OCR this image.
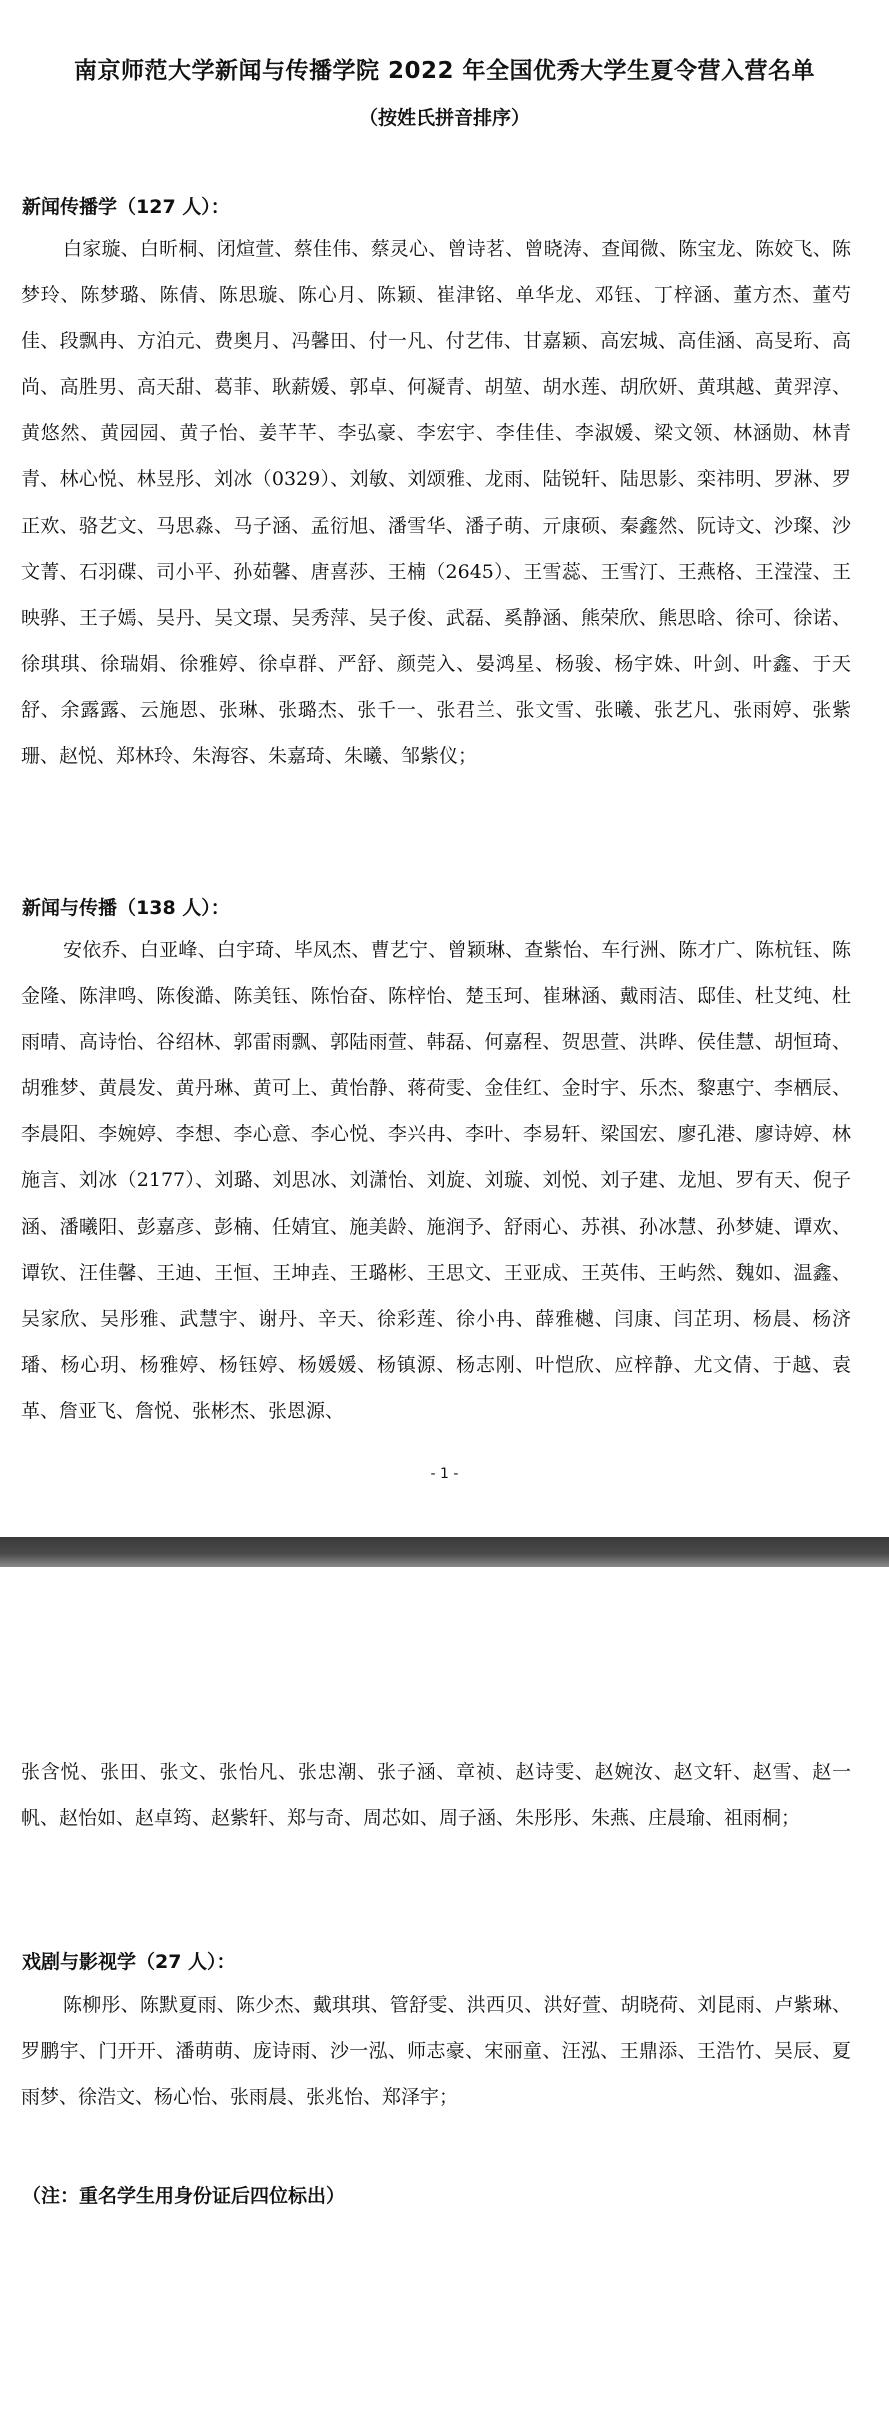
南京师范大学新闻与传播学院 2022 年全国优秀大学生夏令营入营名单
（按姓氏拼音排序）
新闻传播学（127 人）：

白家璇、白昕桐、闭煊萱、蔡佳伟、蔡灵心、曾诗茗、曾晓涛、查闻微、陈宝龙、陈姣飞、陈梦玲、陈梦璐、陈倩、陈思璇、陈心月、陈颖、崔津铭、单华龙、邓钰、丁梓涵、董方杰、董芍佳、段飘冉、方泊元、费奥月、冯馨田、付一凡、付艺伟、甘嘉颖、高宏城、高佳涵、高旻珩、高尚、高胜男、高天甜、葛菲、耿薪媛、郭卓、何凝青、胡堃、胡水莲、胡欣妍、黄琪越、黄羿淳、黄悠然、黄园园、黄子怡、姜芊芊、李弘豪、李宏宇、李佳佳、李淑媛、梁文领、林涵勋、林青青、林心悦、林昱彤、刘冰（0329）、刘敏、刘颂雅、龙雨、陆锐轩、陆思影、栾祎明、罗淋、罗正欢、骆艺文、马思淼、马子涵、孟衍旭、潘雪华、潘子萌、亓康硕、秦鑫然、阮诗文、沙璨、沙文菁、石羽碟、司小平、孙茹馨、唐喜莎、王楠（2645）、王雪蕊、王雪汀、王燕格、王滢滢、王映骅、王子嫣、吴丹、吴文璟、吴秀萍、吴子俊、武磊、奚静涵、熊荣欣、熊思晗、徐可、徐诺、徐琪琪、徐瑞娟、徐雅婷、徐卓群、严舒、颜莞入、晏鸿星、杨骏、杨宇姝、叶剑、叶鑫、于天舒、余露露、云施恩、张琳、张璐杰、张千一、张君兰、张文雪、张曦、张艺凡、张雨婷、张紫珊、赵悦、郑林玲、朱海容、朱嘉琦、朱曦、邹紫仪；

新闻与传播（138 人）：

安依乔、白亚峰、白宇琦、毕凤杰、曹艺宁、曾颖琳、查紫怡、车行洲、陈才广、陈杭钰、陈金隆、陈津鸣、陈俊澔、陈美钰、陈怡奋、陈梓怡、楚玉珂、崔琳涵、戴雨洁、邸佳、杜艾纯、杜雨晴、高诗怡、谷绍林、郭雷雨飘、郭陆雨萱、韩磊、何嘉程、贺思萱、洪晔、侯佳慧、胡恒琦、胡雅梦、黄晨发、黄丹琳、黄可上、黄怡静、蒋荷雯、金佳红、金时宇、乐杰、黎惠宁、李栖辰、李晨阳、李婉婷、李想、李心意、李心悦、李兴冉、李叶、李易轩、梁国宏、廖孔港、廖诗婷、林施言、刘冰（2177）、刘璐、刘思冰、刘潇怡、刘旋、刘璇、刘悦、刘子建、龙旭、罗有天、倪子涵、潘曦阳、彭嘉彦、彭楠、任婧宜、施美龄、施润予、舒雨心、苏祺、孙冰慧、孙梦婕、谭欢、谭钦、汪佳馨、王迪、王恒、王坤垚、王璐彬、王思文、王亚成、王英伟、王屿然、魏如、温鑫、吴家欣、吴彤雅、武慧宇、谢丹、辛天、徐彩莲、徐小冉、薛雅樾、闫康、闫芷玥、杨晨、杨济璠、杨心玥、杨雅婷、杨钰婷、杨媛媛、杨镇源、杨志刚、叶恺欣、应梓静、尤文倩、于越、袁革、詹亚飞、詹悦、张彬杰、张恩源、

- 1 -

张含悦、张田、张文、张怡凡、张忠潮、张子涵、章祯、赵诗雯、赵婉汝、赵文轩、赵雪、赵一帆、赵怡如、赵卓筠、赵紫轩、郑与奇、周芯如、周子涵、朱彤彤、朱燕、庄晨瑜、祖雨桐；

戏剧与影视学（27 人）：

陈柳彤、陈默夏雨、陈少杰、戴琪琪、管舒雯、洪西贝、洪好萱、胡晓荷、刘昆雨、卢紫琳、罗鹏宇、门开开、潘萌萌、庞诗雨、沙一泓、师志豪、宋丽童、汪泓、王鼎添、王浩竹、吴辰、夏雨梦、徐浩文、杨心怡、张雨晨、张兆怡、郑泽宇；

（注：重名学生用身份证后四位标出）
